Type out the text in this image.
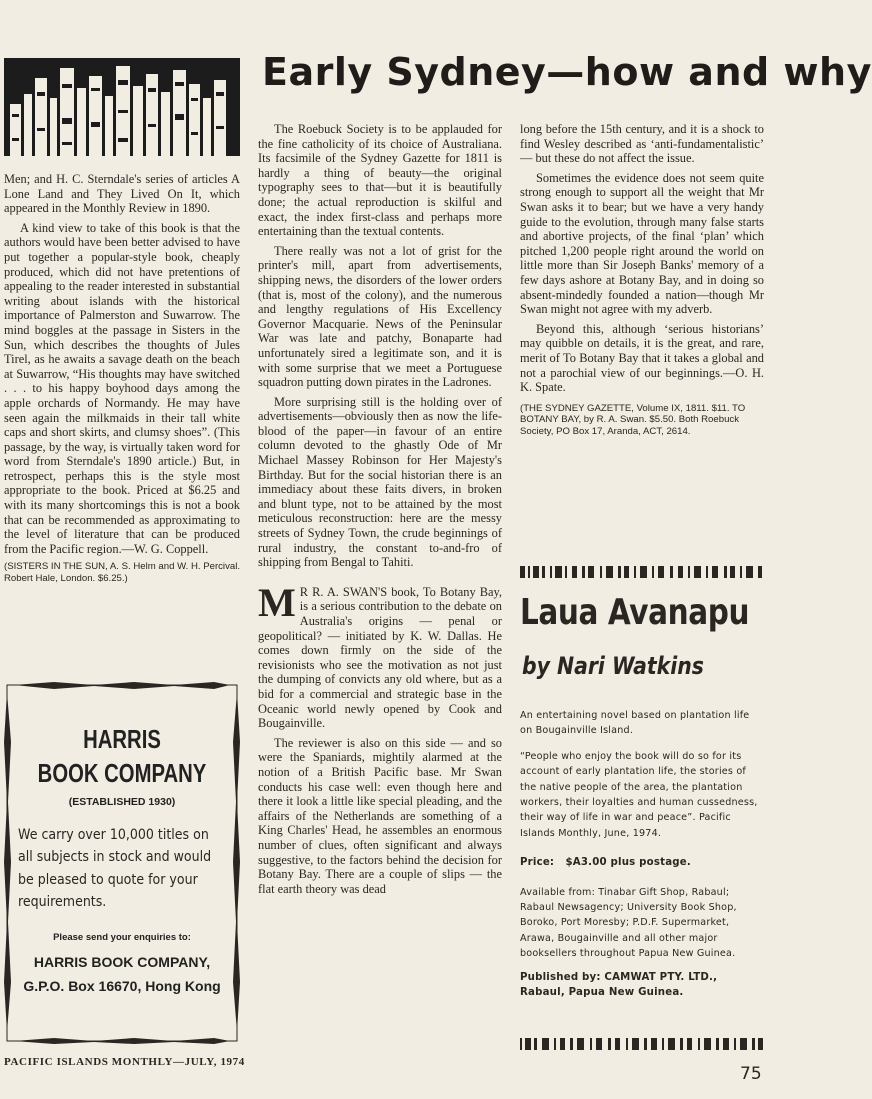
Early Sydney—how and why

Men; and H. C. Sterndale's series of articles A Lone Land and They Lived On It, which appeared in the Monthly Review in 1890.

A kind view to take of this book is that the authors would have been better advised to have put together a popular-style book, cheaply produced, which did not have pretentions of appealing to the reader interested in substantial writing about islands with the historical importance of Palmerston and Suwarrow. The mind boggles at the passage in Sisters in the Sun, which describes the thoughts of Jules Tirel, as he awaits a savage death on the beach at Suwarrow, “His thoughts may have switched . . . to his happy boyhood days among the apple orchards of Normandy. He may have seen again the milkmaids in their tall white caps and short skirts, and clumsy shoes”. (This passage, by the way, is virtually taken word for word from Sterndale's 1890 article.) But, in retrospect, perhaps this is the style most appropriate to the book. Priced at $6.25 and with its many shortcomings this is not a book that can be recommended as approximating to the level of literature that can be produced from the Pacific region.—W. G. Coppell.

(SISTERS IN THE SUN, A. S. Helm and W. H. Percival. Robert Hale, London. $6.25.)
HARRIS
BOOK COMPANY
(ESTABLISHED 1930)
We carry over 10,000 titles on all subjects in stock and would be pleased to quote for your requirements.
Please send your enquiries to:
HARRIS BOOK COMPANY,
G.P.O. Box 16670, Hong Kong

The Roebuck Society is to be applauded for the fine catholicity of its choice of Australiana. Its facsimile of the Sydney Gazette for 1811 is hardly a thing of beauty—the original typography sees to that—but it is beautifully done; the actual reproduction is skilful and exact, the index first-class and perhaps more entertaining than the textual contents.

There really was not a lot of grist for the printer's mill, apart from advertisements, shipping news, the disorders of the lower orders (that is, most of the colony), and the numerous and lengthy regulations of His Excellency Governor Macquarie. News of the Peninsular War was late and patchy, Bonaparte had unfortunately sired a legitimate son, and it is with some surprise that we meet a Portuguese squadron putting down pirates in the Ladrones.

More surprising still is the holding over of advertisements—obviously then as now the life-blood of the paper—in favour of an entire column devoted to the ghastly Ode of Mr Michael Massey Robinson for Her Majesty's Birthday. But for the social historian there is an immediacy about these faits divers, in broken and blunt type, not to be attained by the most meticulous reconstruction: here are the messy streets of Sydney Town, the crude beginnings of rural industry, the constant to-and-fro of shipping from Bengal to Tahiti.

M R R. A. SWAN'S book, To Botany Bay, is a serious contribution to the debate on Australia's origins — penal or geopolitical? — initiated by K. W. Dallas. He comes down firmly on the side of the revisionists who see the motivation as not just the dumping of convicts any old where, but as a bid for a commercial and strategic base in the Oceanic world newly opened by Cook and Bougainville.

The reviewer is also on this side — and so were the Spaniards, mightily alarmed at the notion of a British Pacific base. Mr Swan conducts his case well: even though here and there it look a little like special pleading, and the affairs of the Netherlands are something of a King Charles' Head, he assembles an enormous number of clues, often significant and always suggestive, to the factors behind the decision for Botany Bay. There are a couple of slips — the flat earth theory was dead

long before the 15th century, and it is a shock to find Wesley described as ‘anti-fundamentalistic’ — but these do not affect the issue.

Sometimes the evidence does not seem quite strong enough to support all the weight that Mr Swan asks it to bear; but we have a very handy guide to the evolution, through many false starts and abortive projects, of the final ‘plan’ which pitched 1,200 people right around the world on little more than Sir Joseph Banks' memory of a few days ashore at Botany Bay, and in doing so absent-mindedly founded a nation—though Mr Swan might not agree with my adverb.

Beyond this, although ‘serious historians’ may quibble on details, it is the great, and rare, merit of To Botany Bay that it takes a global and not a parochial view of our beginnings.—O. H. K. Spate.

(THE SYDNEY GAZETTE, Volume IX, 1811. $11. TO BOTANY BAY, by R. A. Swan. $5.50. Both Roebuck Society, PO Box 17, Aranda, ACT, 2614.
Laua Avanapu
by Nari Watkins
An entertaining novel based on plantation life on Bougainville Island.
“People who enjoy the book will do so for its account of early plantation life, the stories of the native people of the area, the plantation workers, their loyalties and human cussedness, their way of life in war and peace”. Pacific Islands Monthly, June, 1974.
Price: $A3.00 plus postage.
Available from: Tinabar Gift Shop, Rabaul; Rabaul Newsagency; University Book Shop, Boroko, Port Moresby; P.D.F. Supermarket, Arawa, Bougainville and all other major booksellers throughout Papua New Guinea.
Published by: CAMWAT PTY. LTD.,
Rabaul, Papua New Guinea.
PACIFIC ISLANDS MONTHLY—JULY, 1974
75
